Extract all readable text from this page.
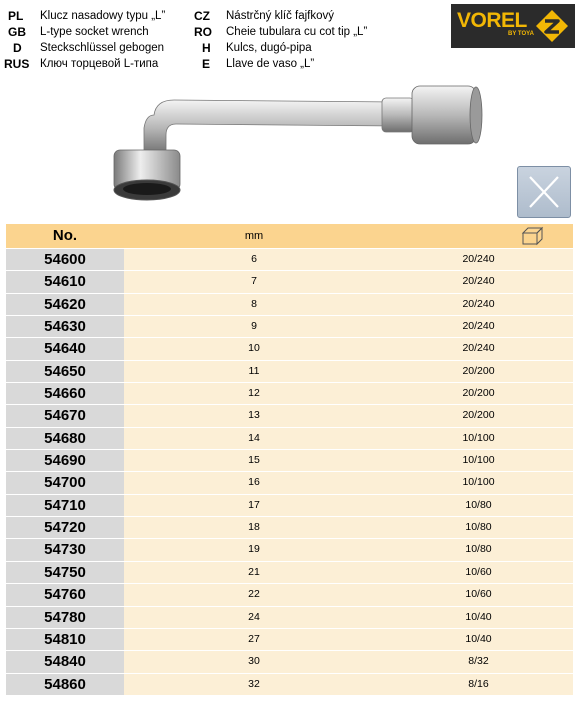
PL Klucz nasadowy typu „L”
GB L-type socket wrench
D Steckschlüssel gebogen
RUS Ключ торцевой L-типа
CZ Nástrčný klíč fajfkový
RO Cheie tubulara cu cot tip „L”
H Kulcs, dugó-pipa
E Llave de vaso „L”
VOREL
BY TOYA
No.	mm
54600	6	20/240
54610	7	20/240
54620	8	20/240
54630	9	20/240
54640	10	20/240
54650	11	20/200
54660	12	20/200
54670	13	20/200
54680	14	10/100
54690	15	10/100
54700	16	10/100
54710	17	10/80
54720	18	10/80
54730	19	10/80
54750	21	10/60
54760	22	10/60
54780	24	10/40
54810	27	10/40
54840	30	8/32
54860	32	8/16
